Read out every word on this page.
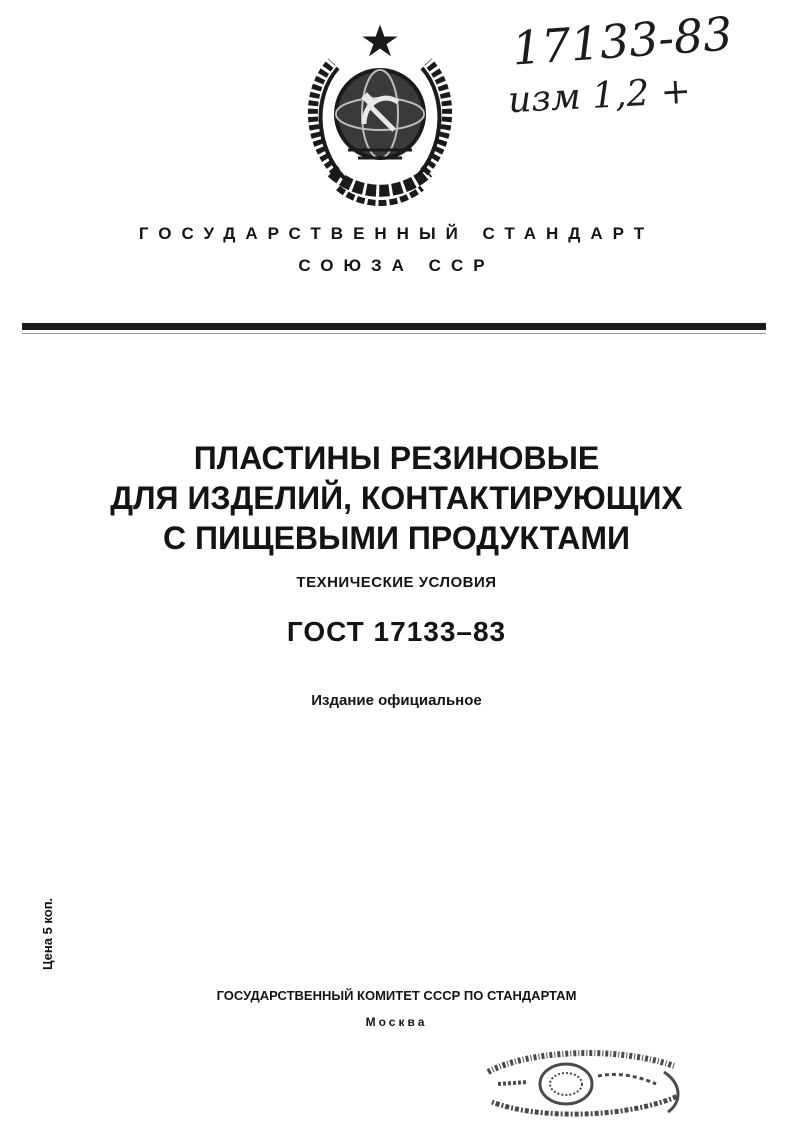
17133-83
изм 1,2 +
ГОСУДАРСТВЕННЫЙ СТАНДАРТ
СОЮЗА ССР
ПЛАСТИНЫ РЕЗИНОВЫЕ
ДЛЯ ИЗДЕЛИЙ, КОНТАКТИРУЮЩИХ
С ПИЩЕВЫМИ ПРОДУКТАМИ
ТЕХНИЧЕСКИЕ УСЛОВИЯ
ГОСТ 17133–83
Издание официальное
Цена 5 коп.
ГОСУДАРСТВЕННЫЙ КОМИТЕТ СССР ПО СТАНДАРТАМ
Москва
